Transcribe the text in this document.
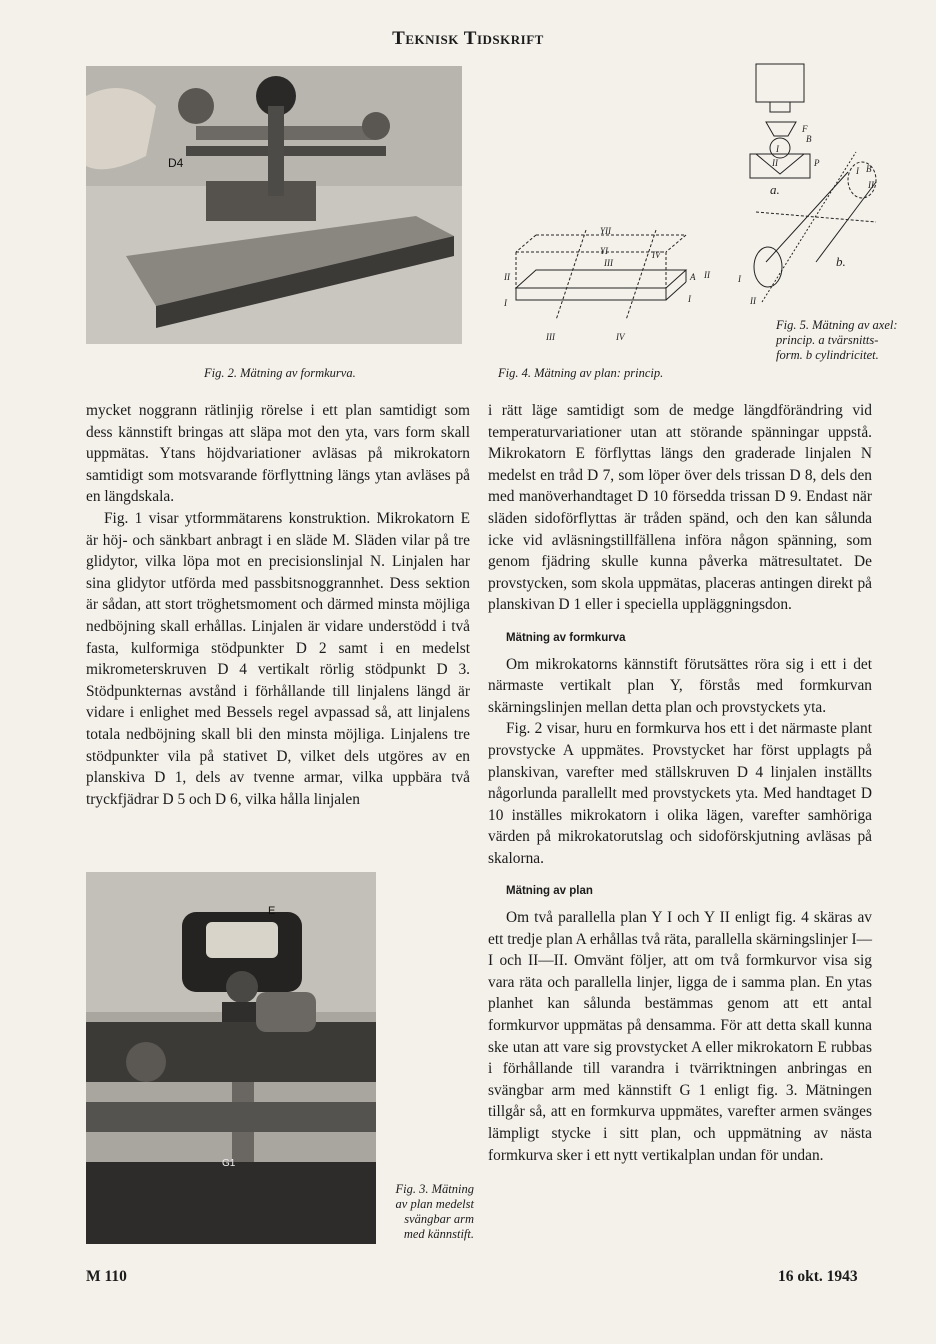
Teknisk Tidskrift
D4
Fig. 2. Mätning av formkurva.
YII
YI
III
IV
II
I
A II
I
III	IV
Fig. 4. Mätning av plan: princip.
F
B
I
II	P
a.
I B
II
b.
I
II
Fig. 5. Mätning av axel: princip. a tvärsnitts-form. b cylindricitet.

mycket noggrann rätlinjig rörelse i ett plan samtidigt som dess kännstift bringas att släpa mot den yta, vars form skall uppmätas. Ytans höjdvariationer avläsas på mikrokatorn samtidigt som motsvarande förflyttning längs ytan avläses på en längdskala.

Fig. 1 visar ytformmätarens konstruktion. Mikrokatorn E är höj- och sänkbart anbragt i en släde M. Släden vilar på tre glidytor, vilka löpa mot en precisionslinjal N. Linjalen har sina glidytor utförda med passbitsnoggrannhet. Dess sektion är sådan, att stort tröghetsmoment och därmed minsta möjliga nedböjning skall erhållas. Linjalen är vidare understödd i två fasta, kulformiga stödpunkter D 2 samt i en medelst mikrometerskruven D 4 vertikalt rörlig stödpunkt D 3. Stödpunkternas avstånd i förhållande till linjalens längd är vidare i enlighet med Bessels regel avpassad så, att linjalens totala nedböjning skall bli den minsta möjliga. Linjalens tre stödpunkter vila på stativet D, vilket dels utgöres av en planskiva D 1, dels av tvenne armar, vilka uppbära två tryckfjädrar D 5 och D 6, vilka hålla linjalen

i rätt läge samtidigt som de medge längdförändring vid temperaturvariationer utan att störande spänningar uppstå. Mikrokatorn E förflyttas längs den graderade linjalen N medelst en tråd D 7, som löper över dels trissan D 8, dels den med manöverhandtaget D 10 försedda trissan D 9. Endast när släden sidoförflyttas är tråden spänd, och den kan sålunda icke vid avläsningstillfällena införa någon spänning, som genom fjädring skulle kunna påverka mätresultatet. De provstycken, som skola uppmätas, placeras antingen direkt på planskivan D 1 eller i speciella uppläggningsdon.

Mätning av formkurva

Om mikrokatorns kännstift förutsättes röra sig i ett i det närmaste vertikalt plan Y, förstås med formkurvan skärningslinjen mellan detta plan och provstyckets yta.

Fig. 2 visar, huru en formkurva hos ett i det närmaste plant provstycke A uppmätes. Provstycket har först upplagts på planskivan, varefter med ställskruven D 4 linjalen inställts någorlunda parallellt med provstyckets yta. Med handtaget D 10 inställes mikrokatorn i olika lägen, varefter samhöriga värden på mikrokatorutslag och sidoförskjutning avläsas på skalorna.

Mätning av plan

Om två parallella plan Y I och Y II enligt fig. 4 skäras av ett tredje plan A erhållas två räta, parallella skärningslinjer I—I och II—II. Omvänt följer, att om två formkurvor visa sig vara räta och parallella linjer, ligga de i samma plan. En ytas planhet kan sålunda bestämmas genom att ett antal formkurvor uppmätas på densamma. För att detta skall kunna ske utan att vare sig provstycket A eller mikrokatorn E rubbas i förhållande till varandra i tvärriktningen anbringas en svängbar arm med kännstift G 1 enligt fig. 3. Mätningen tillgår så, att en formkurva uppmätes, varefter armen svänges lämpligt stycke i sitt plan, och uppmätning av nästa formkurva sker i ett nytt vertikalplan undan för undan.

E
G1
Fig. 3. Mätning av plan medelst svängbar arm med kännstift.
M 110	16 okt. 1943
